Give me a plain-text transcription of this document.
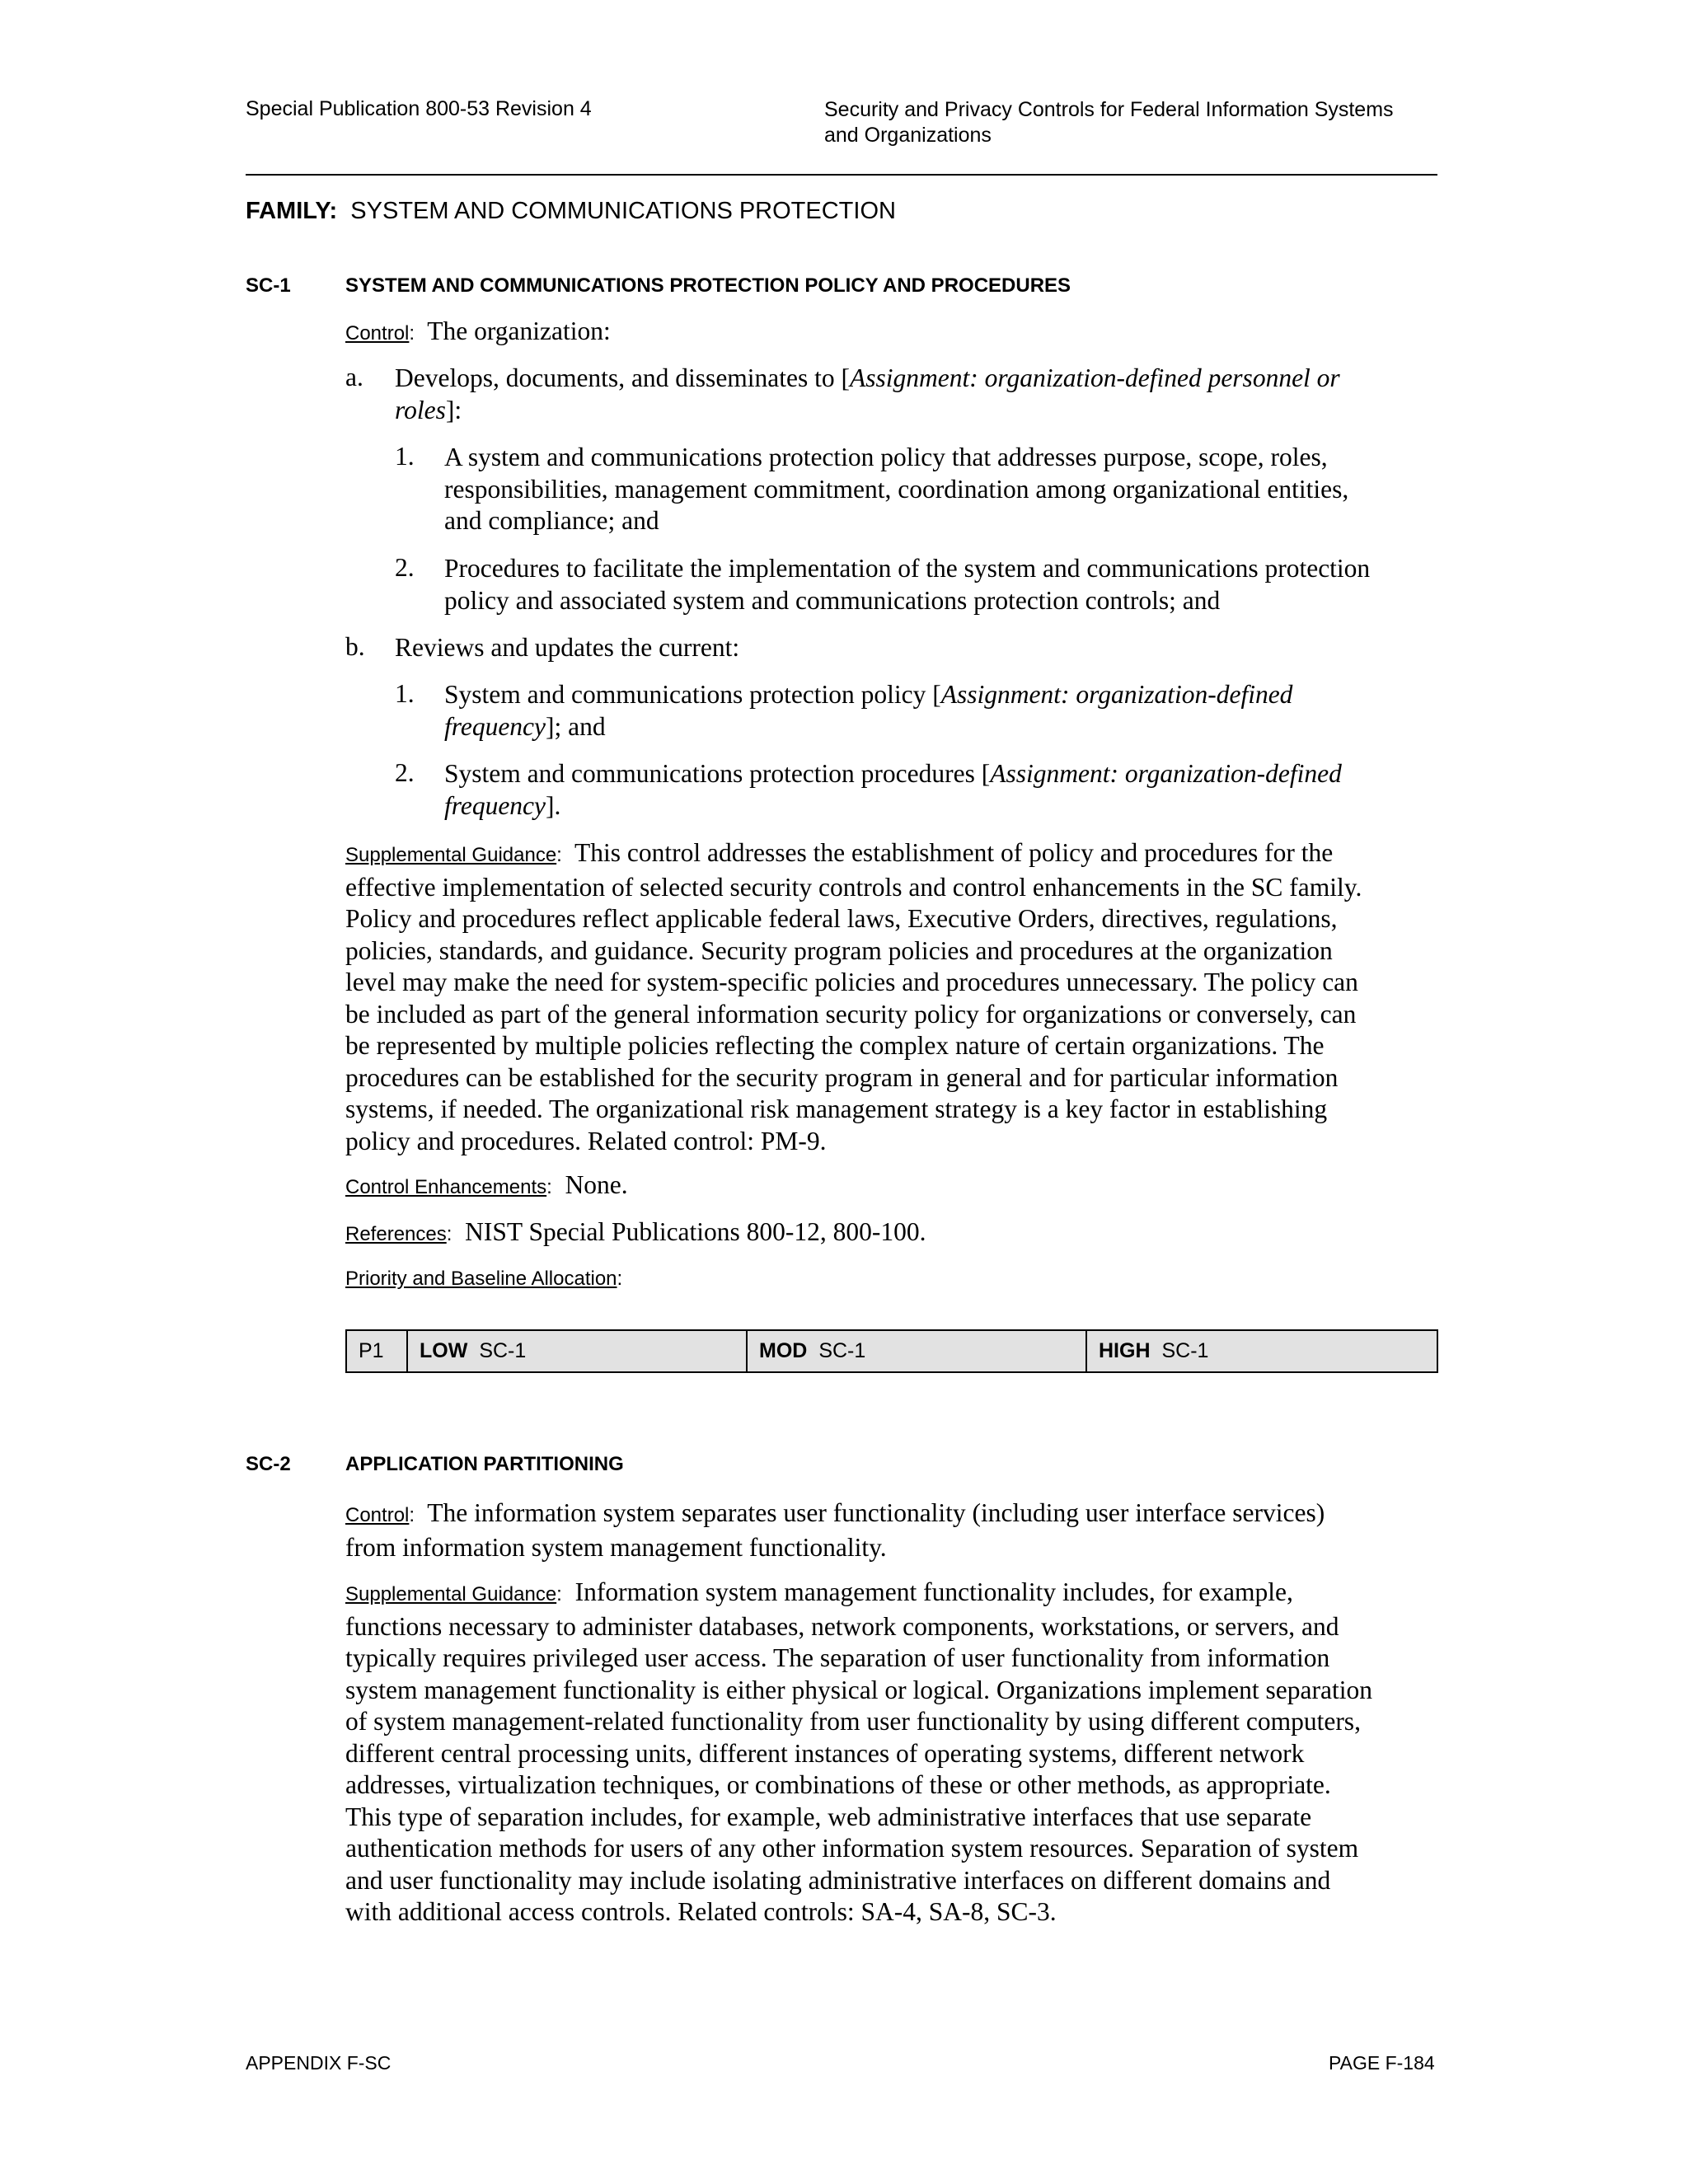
Special Publication 800-53 Revision 4	Security and Privacy Controls for Federal Information Systems
and Organizations
FAMILY: SYSTEM AND COMMUNICATIONS PROTECTION
SC-1	SYSTEM AND COMMUNICATIONS PROTECTION POLICY AND PROCEDURES
Control: The organization:
a. Develops, documents, and disseminates to [Assignment: organization-defined personnel or
roles]:
1. A system and communications protection policy that addresses purpose, scope, roles,
responsibilities, management commitment, coordination among organizational entities,
and compliance; and
2. Procedures to facilitate the implementation of the system and communications protection
policy and associated system and communications protection controls; and
b. Reviews and updates the current:
1. System and communications protection policy [Assignment: organization-defined
frequency]; and
2. System and communications protection procedures [Assignment: organization-defined
frequency].
Supplemental Guidance: This control addresses the establishment of policy and procedures for the
effective implementation of selected security controls and control enhancements in the SC family.
Policy and procedures reflect applicable federal laws, Executive Orders, directives, regulations,
policies, standards, and guidance. Security program policies and procedures at the organization
level may make the need for system-specific policies and procedures unnecessary. The policy can
be included as part of the general information security policy for organizations or conversely, can
be represented by multiple policies reflecting the complex nature of certain organizations. The
procedures can be established for the security program in general and for particular information
systems, if needed. The organizational risk management strategy is a key factor in establishing
policy and procedures. Related control: PM-9.
Control Enhancements: None.
References: NIST Special Publications 800-12, 800-100.
Priority and Baseline Allocation:
P1	LOW SC-1	MOD SC-1	HIGH SC-1
SC-2	APPLICATION PARTITIONING
Control: The information system separates user functionality (including user interface services)
from information system management functionality.
Supplemental Guidance: Information system management functionality includes, for example,
functions necessary to administer databases, network components, workstations, or servers, and
typically requires privileged user access. The separation of user functionality from information
system management functionality is either physical or logical. Organizations implement separation
of system management-related functionality from user functionality by using different computers,
different central processing units, different instances of operating systems, different network
addresses, virtualization techniques, or combinations of these or other methods, as appropriate.
This type of separation includes, for example, web administrative interfaces that use separate
authentication methods for users of any other information system resources. Separation of system
and user functionality may include isolating administrative interfaces on different domains and
with additional access controls. Related controls: SA-4, SA-8, SC-3.
APPENDIX F-SC	PAGE F-184
